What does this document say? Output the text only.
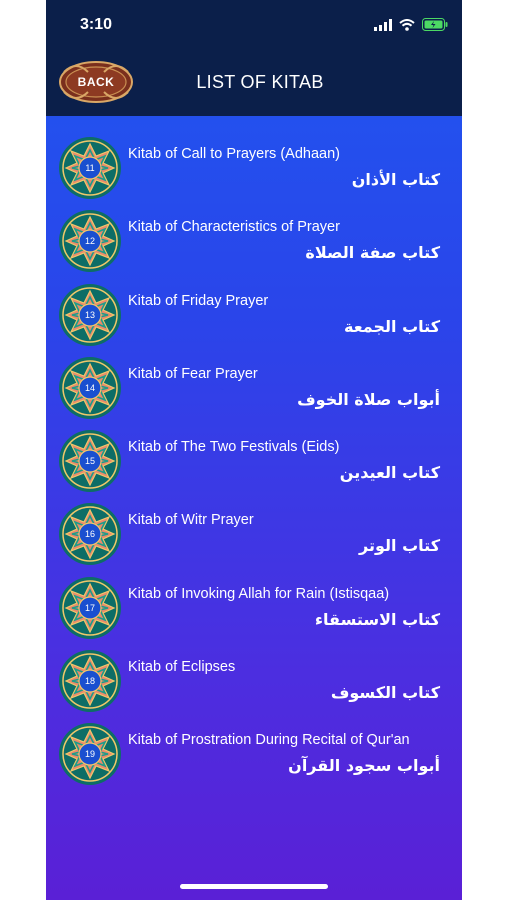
3:10
BACK	LIST OF KITAB
11
Kitab of Call to Prayers (Adhaan)
كتاب الأذان
12
Kitab of Characteristics of Prayer
كتاب صفة الصلاة
13
Kitab of Friday Prayer
كتاب الجمعة
14
Kitab of Fear Prayer
أبواب صلاة الخوف
15
Kitab of The Two Festivals (Eids)
كتاب العيدين
16
Kitab of Witr Prayer
كتاب الوتر
17
Kitab of Invoking Allah for Rain (Istisqaa)
كتاب الاستسقاء
18
Kitab of Eclipses
كتاب الكسوف
19
Kitab of Prostration During Recital of Qur'an
أبواب سجود القرآن
